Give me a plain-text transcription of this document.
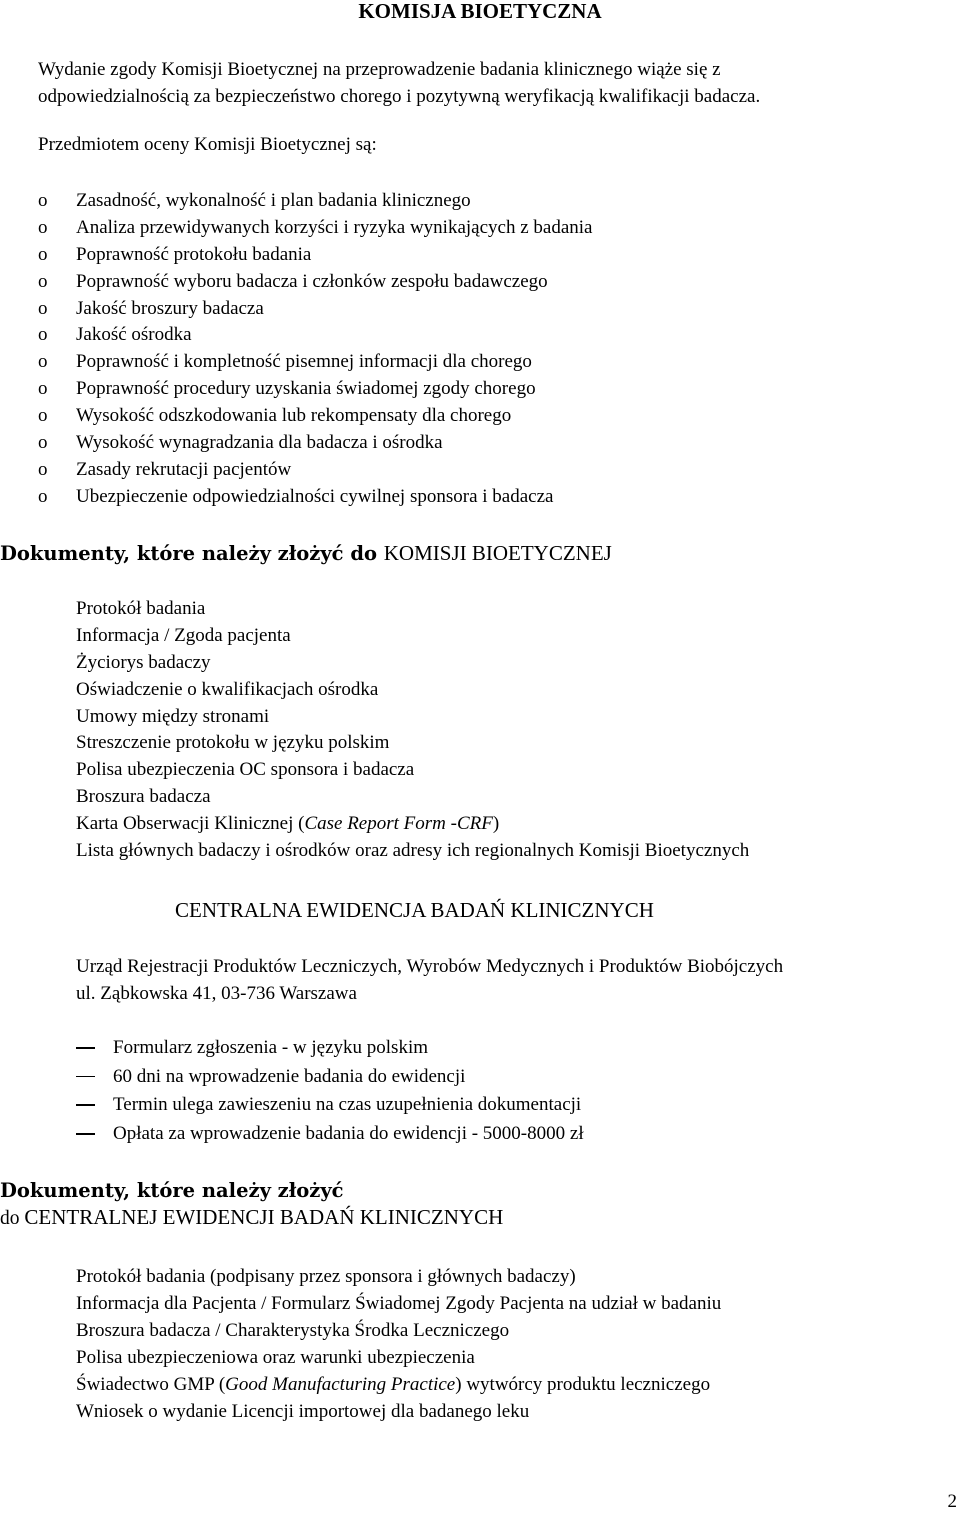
KOMISJA BIOETYCZNA
Wydanie zgody Komisji Bioetycznej na przeprowadzenie badania klinicznego wiąże się z
odpowiedzialnością za bezpieczeństwo chorego i pozytywną weryfikacją kwalifikacji badacza.
Przedmiotem oceny Komisji Bioetycznej są:
o	Zasadność, wykonalność i plan badania klinicznego
o	Analiza przewidywanych korzyści i ryzyka wynikających z badania
o	Poprawność protokołu badania
o	Poprawność wyboru badacza i członków zespołu badawczego
o	Jakość broszury badacza
o	Jakość ośrodka
o	Poprawność i kompletność pisemnej informacji dla chorego
o	Poprawność procedury uzyskania świadomej zgody chorego
o	Wysokość odszkodowania lub rekompensaty dla chorego
o	Wysokość wynagradzania dla badacza i ośrodka
o	Zasady rekrutacji pacjentów
o	Ubezpieczenie odpowiedzialności cywilnej sponsora i badacza
Dokumenty, które należy złożyć do KOMISJI BIOETYCZNEJ
Protokół badania
Informacja / Zgoda pacjenta
Życiorys badaczy
Oświadczenie o kwalifikacjach ośrodka
Umowy między stronami
Streszczenie protokołu w języku polskim
Polisa ubezpieczenia OC sponsora i badacza
Broszura badacza
Karta Obserwacji Klinicznej (Case Report Form -CRF)
Lista głównych badaczy i ośrodków oraz adresy ich regionalnych Komisji Bioetycznych
CENTRALNA EWIDENCJA BADAŃ KLINICZNYCH
Urząd Rejestracji Produktów Leczniczych, Wyrobów Medycznych i Produktów Biobójczych
ul. Ząbkowska 41, 03-736 Warszawa
Formularz zgłoszenia - w języku polskim
60 dni na wprowadzenie badania do ewidencji
Termin ulega zawieszeniu na czas uzupełnienia dokumentacji
Opłata za wprowadzenie badania do ewidencji - 5000-8000 zł
Dokumenty, które należy złożyć
do CENTRALNEJ EWIDENCJI BADAŃ KLINICZNYCH
Protokół badania (podpisany przez sponsora i głównych badaczy)
Informacja dla Pacjenta / Formularz Świadomej Zgody Pacjenta na udział w badaniu
Broszura badacza / Charakterystyka Środka Leczniczego
Polisa ubezpieczeniowa oraz warunki ubezpieczenia
Świadectwo GMP (Good Manufacturing Practice) wytwórcy produktu leczniczego
Wniosek o wydanie Licencji importowej dla badanego leku
2
